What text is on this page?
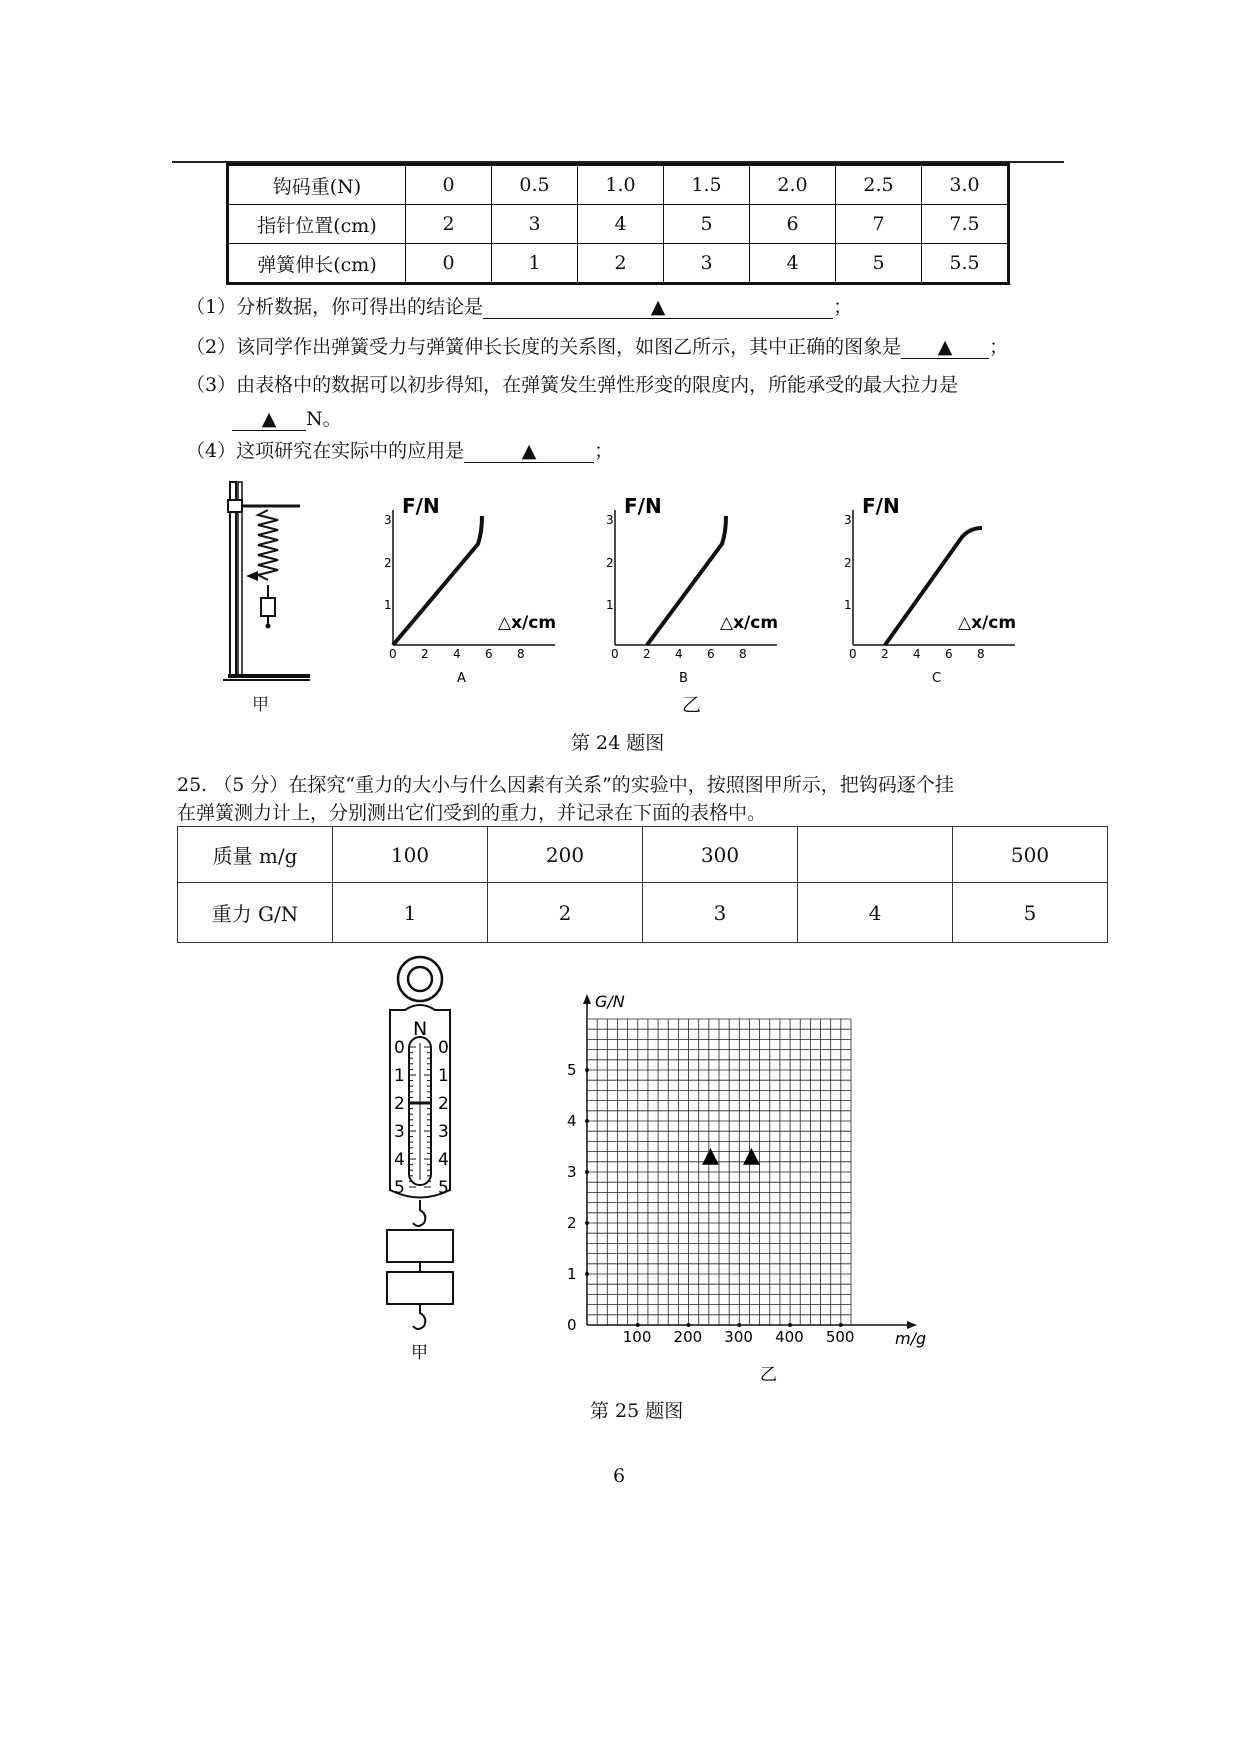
钩码重(N)	0	0.5	1.0	1.5	2.0	2.5	3.0
指针位置(cm)	2	3	4	5	6	7	7.5
弹簧伸长(cm)	0	1	2	3	4	5	5.5
（1）分析数据，你可得出的结论是	▲	；
（2）该同学作出弹簧受力与弹簧伸长长度的关系图，如图乙所示，其中正确的图象是 ▲ ；
（3）由表格中的数据可以初步得知，在弹簧发生弹性形变的限度内，所能承受的最大拉力是
▲ N。
（4）这项研究在实际中的应用是	▲	；
甲
F/N
3
2
1
0 2 4 6 8
△x/cm
A
F/N
3
2
1
0 2 4 6 8
△x/cm
B
F/N
3
2
1
0 2 4 6 8
△x/cm
C
乙
第 24 题图
25. （5 分）在探究“重力的大小与什么因素有关系”的实验中，按照图甲所示，把钩码逐个挂
在弹簧测力计上，分别测出它们受到的重力，并记录在下面的表格中。
质量 m/g	100	200	300		500
重力 G/N	1	2	3	4	5
N
0 0
1 1
2 2
3 3
4 4
5 5
甲
G/N
m/g
5
4
3
2
1
0
100 200 300 400 500
▲ ▲
乙
第 25 题图
6
